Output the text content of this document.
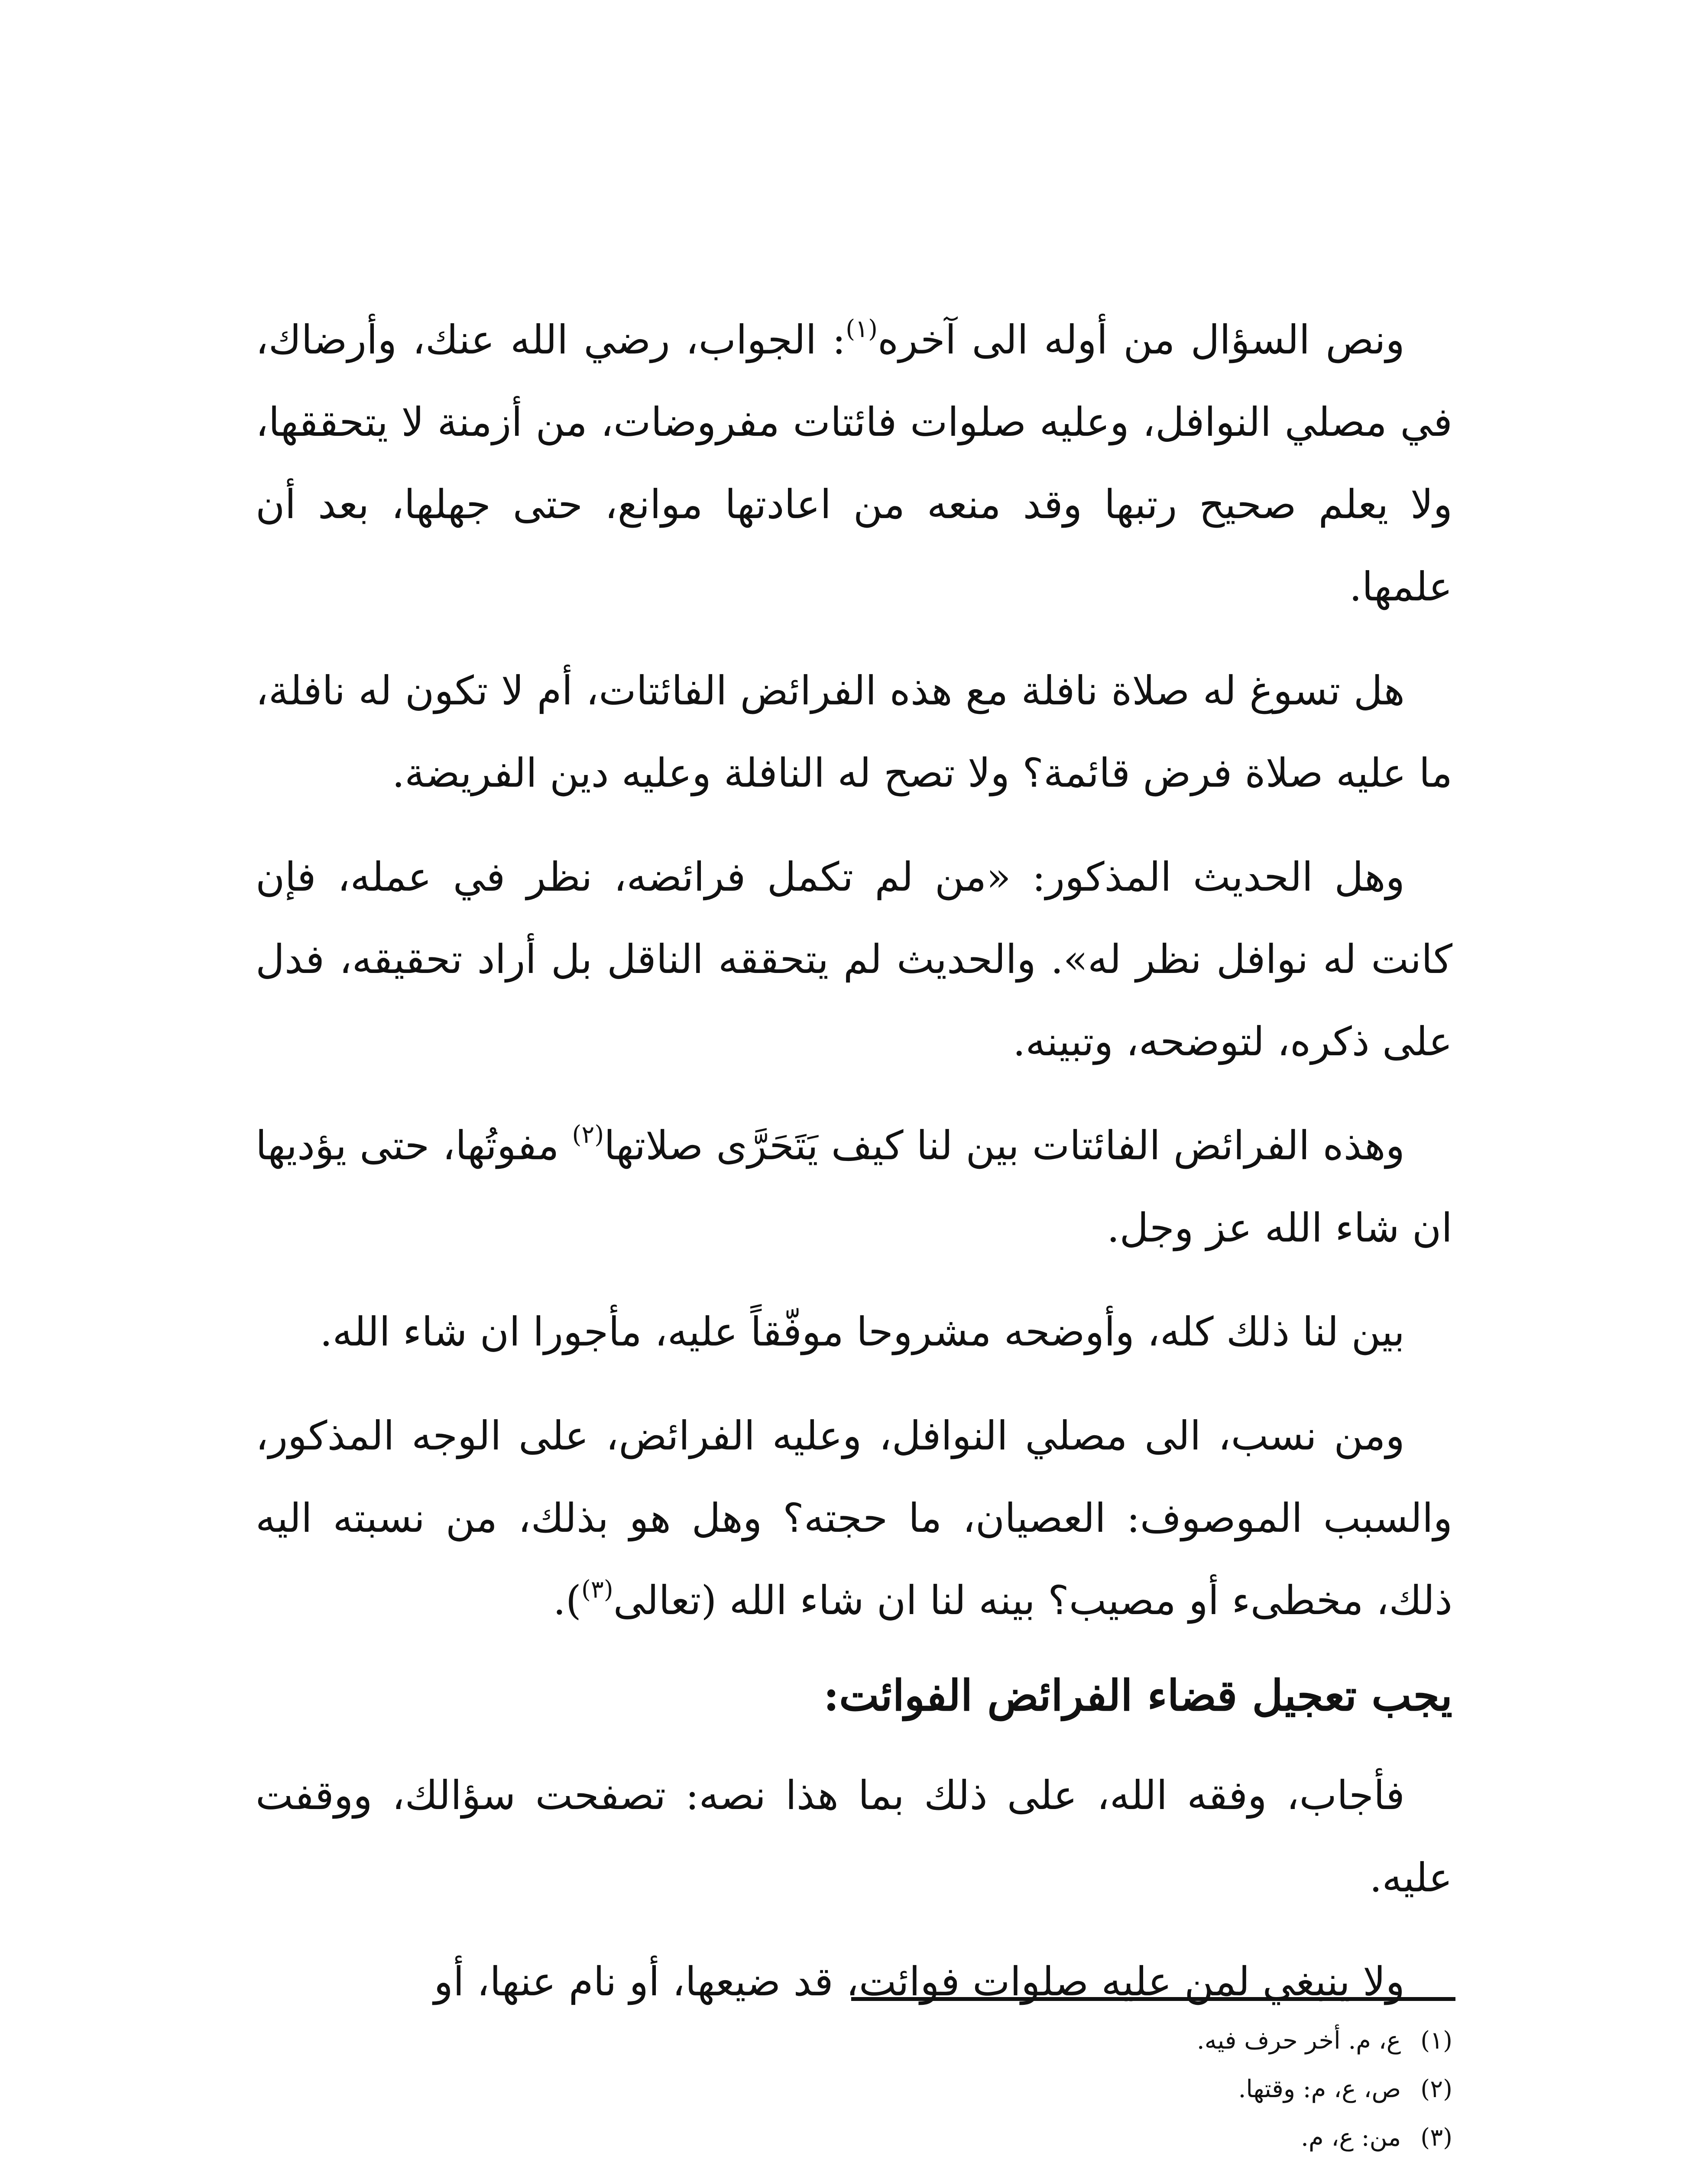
ونص السؤال من أوله الى آخره$^{(١)}$: الجواب، رضي الله عنك، وأرضاك، في مصلي النوافل، وعليه صلوات فائتات مفروضات، من أزمنة لا يتحققها، ولا يعلم صحيح رتبها وقد منعه من اعادتها موانع، حتى جهلها، بعد أن علمها.

هل تسوغ له صلاة نافلة مع هذه الفرائض الفائتات، أم لا تكون له نافلة، ما عليه صلاة فرض قائمة؟ ولا تصح له النافلة وعليه دين الفريضة.

وهل الحديث المذكور: «من لم تكمل فرائضه، نظر في عمله، فإن كانت له نوافل نظر له». والحديث لم يتحققه الناقل بل أراد تحقيقه، فدل على ذكره، لتوضحه، وتبينه.

وهذه الفرائض الفائتات بين لنا كيف يَتَحَرَّى صلاتها$^{(٢)}$ مفوتُها، حتى يؤديها ان شاء الله عز وجل.

بين لنا ذلك كله، وأوضحه مشروحا موفّقاً عليه، مأجورا ان شاء الله.

ومن نسب، الى مصلي النوافل، وعليه الفرائض، على الوجه المذكور، والسبب الموصوف: العصيان، ما حجته؟ وهل هو بذلك، من نسبته اليه ذلك، مخطىء أو مصيب؟ بينه لنا ان شاء الله (تعالى$^{(٣)}$).

يجب تعجيل قضاء الفرائض الفوائت:

فأجاب، وفقه الله، على ذلك بما هذا نصه: تصفحت سؤالك، ووقفت عليه.

ولا ينبغي لمن عليه صلوات فوائت، قد ضيعها، أو نام عنها، أو

(١)ع، م. أخر حرف فيه.
(٢)ص، ع، م: وقتها.
(٣)من: ع، م.
